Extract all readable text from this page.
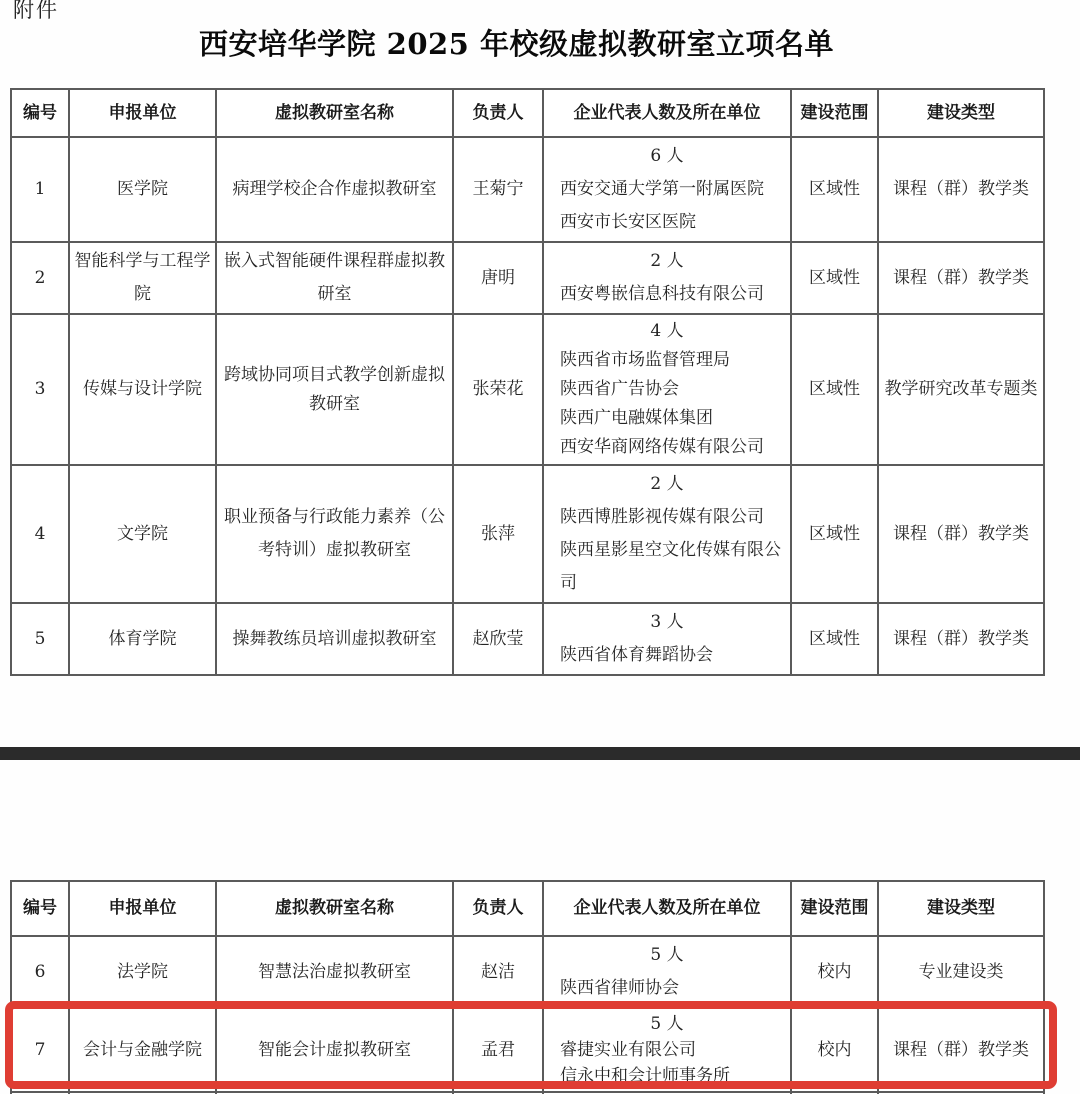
附件
西安培华学院 2025 年校级虚拟教研室立项名单
编号	申报单位	虚拟教研室名称	负责人	企业代表人数及所在单位	建设范围	建设类型
1	医学院	病理学校企合作虚拟教研室	王菊宁	6 人
西安交通大学第一附属医院
西安市长安区医院	区域性	课程（群）教学类
2	智能科学与工程学院	嵌入式智能硬件课程群虚拟教研室	唐明	2 人
西安粤嵌信息科技有限公司	区域性	课程（群）教学类
3	传媒与设计学院	跨域协同项目式教学创新虚拟教研室	张荣花	4 人
陕西省市场监督管理局
陕西省广告协会
陕西广电融媒体集团
西安华商网络传媒有限公司	区域性	教学研究改革专题类
4	文学院	职业预备与行政能力素养（公考特训）虚拟教研室	张萍	2 人
陕西博胜影视传媒有限公司
陕西星影星空文化传媒有限公司	区域性	课程（群）教学类
5	体育学院	操舞教练员培训虚拟教研室	赵欣莹	3 人
陕西省体育舞蹈协会	区域性	课程（群）教学类
编号	申报单位	虚拟教研室名称	负责人	企业代表人数及所在单位	建设范围	建设类型
6	法学院	智慧法治虚拟教研室	赵洁	5 人
陕西省律师协会	校内	专业建设类
7	会计与金融学院	智能会计虚拟教研室	孟君	5 人
睿捷实业有限公司
信永中和会计师事务所	校内	课程（群）教学类
